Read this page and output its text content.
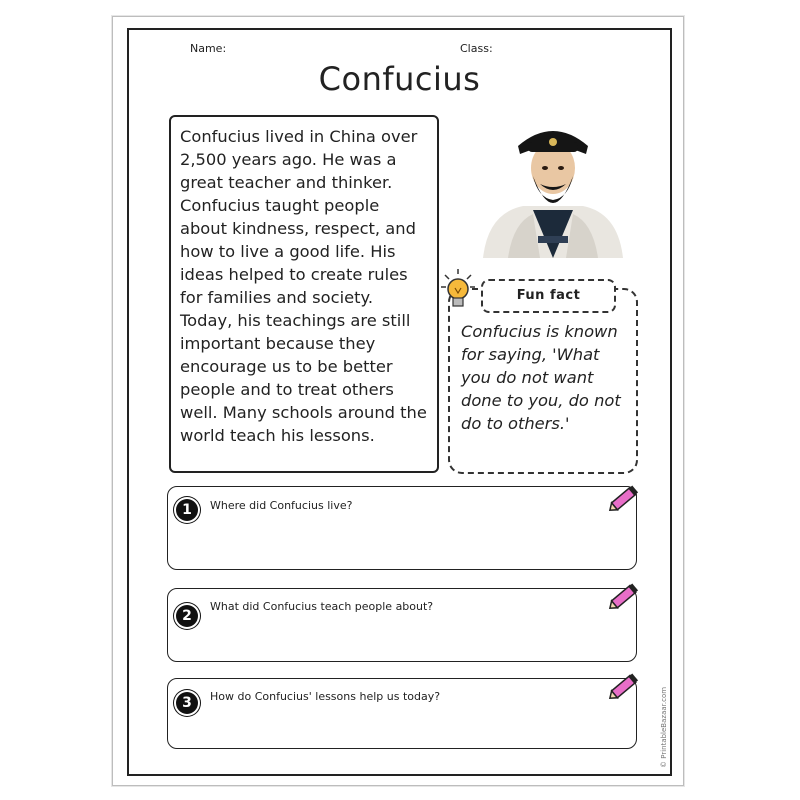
Name:	Class:
Confucius
Confucius lived in China over 2,500 years ago. He was a great teacher and thinker. Confucius taught people about kindness, respect, and how to live a good life. His ideas helped to create rules for families and society. Today, his teachings are still important because they encourage us to be better people and to treat others well. Many schools around the world teach his lessons.
Fun fact
Confucius is known for saying, 'What you do not want done to you, do not do to others.'
1	Where did Confucius live?
2
What did Confucius teach people about?
3	How do Confucius' lessons help us today?	© PrintableBazaar.com
